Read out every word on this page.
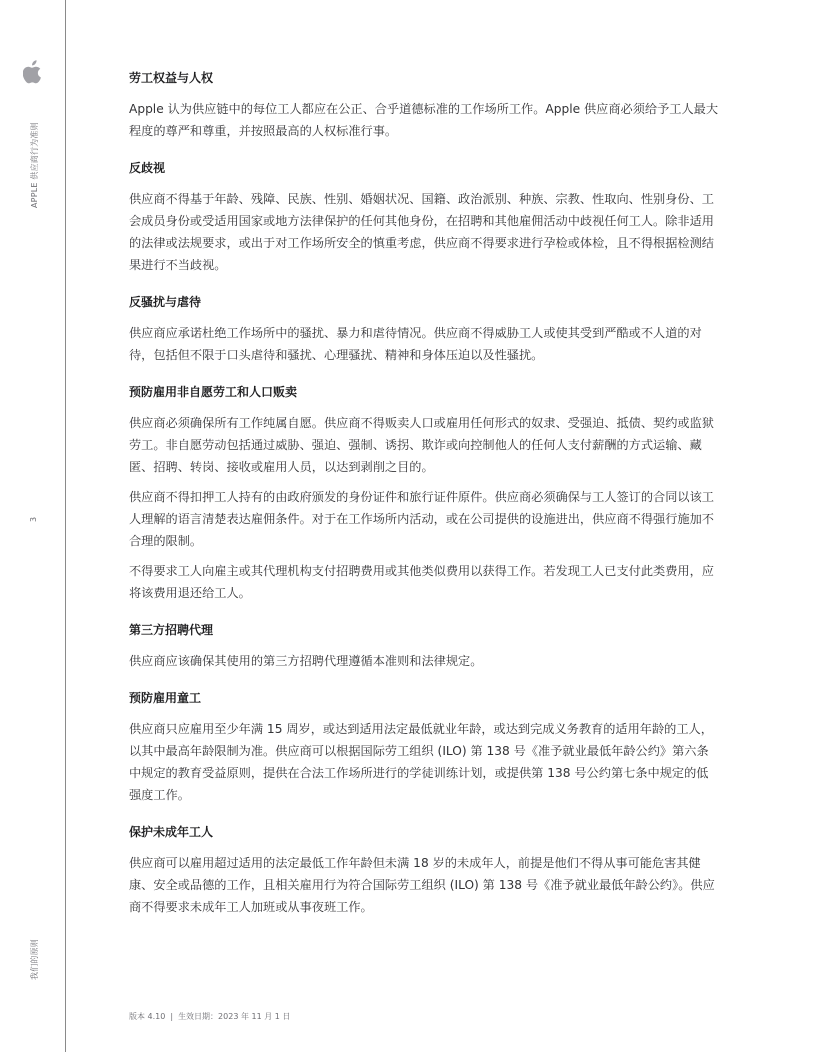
APPLE 供应商行为准则
3
我们的原则
劳工权益与人权

Apple 认为供应链中的每位工人都应在公正、合乎道德标准的工作场所工作。Apple 供应商必须给予工人最大程度的尊严和尊重，并按照最高的人权标准行事。

反歧视

供应商不得基于年龄、残障、民族、性别、婚姻状况、国籍、政治派别、种族、宗教、性取向、性别身份、工会成员身份或受适用国家或地方法律保护的任何其他身份，在招聘和其他雇佣活动中歧视任何工人。除非适用的法律或法规要求，或出于对工作场所安全的慎重考虑，供应商不得要求进行孕检或体检，且不得根据检测结果进行不当歧视。

反骚扰与虐待

供应商应承诺杜绝工作场所中的骚扰、暴力和虐待情况。供应商不得威胁工人或使其受到严酷或不人道的对待，包括但不限于口头虐待和骚扰、心理骚扰、精神和身体压迫以及性骚扰。

预防雇用非自愿劳工和人口贩卖

供应商必须确保所有工作纯属自愿。供应商不得贩卖人口或雇用任何形式的奴隶、受强迫、抵债、契约或监狱劳工。非自愿劳动包括通过威胁、强迫、强制、诱拐、欺诈或向控制他人的任何人支付薪酬的方式运输、藏匿、招聘、转岗、接收或雇用人员，以达到剥削之目的。

供应商不得扣押工人持有的由政府颁发的身份证件和旅行证件原件。供应商必须确保与工人签订的合同以该工人理解的语言清楚表达雇佣条件。对于在工作场所内活动，或在公司提供的设施进出，供应商不得强行施加不合理的限制。

不得要求工人向雇主或其代理机构支付招聘费用或其他类似费用以获得工作。若发现工人已支付此类费用，应将该费用退还给工人。

第三方招聘代理

供应商应该确保其使用的第三方招聘代理遵循本准则和法律规定。

预防雇用童工

供应商只应雇用至少年满 15 周岁，或达到适用法定最低就业年龄，或达到完成义务教育的适用年龄的工人，以其中最高年龄限制为准。供应商可以根据国际劳工组织 (ILO) 第 138 号《准予就业最低年龄公约》第六条中规定的教育受益原则，提供在合法工作场所进行的学徒训练计划，或提供第 138 号公约第七条中规定的低强度工作。

保护未成年工人

供应商可以雇用超过适用的法定最低工作年龄但未满 18 岁的未成年人，前提是他们不得从事可能危害其健康、安全或品德的工作，且相关雇用行为符合国际劳工组织 (ILO) 第 138 号《准予就业最低年龄公约》。供应商不得要求未成年工人加班或从事夜班工作。

版本 4.10 | 生效日期：2023 年 11 月 1 日
